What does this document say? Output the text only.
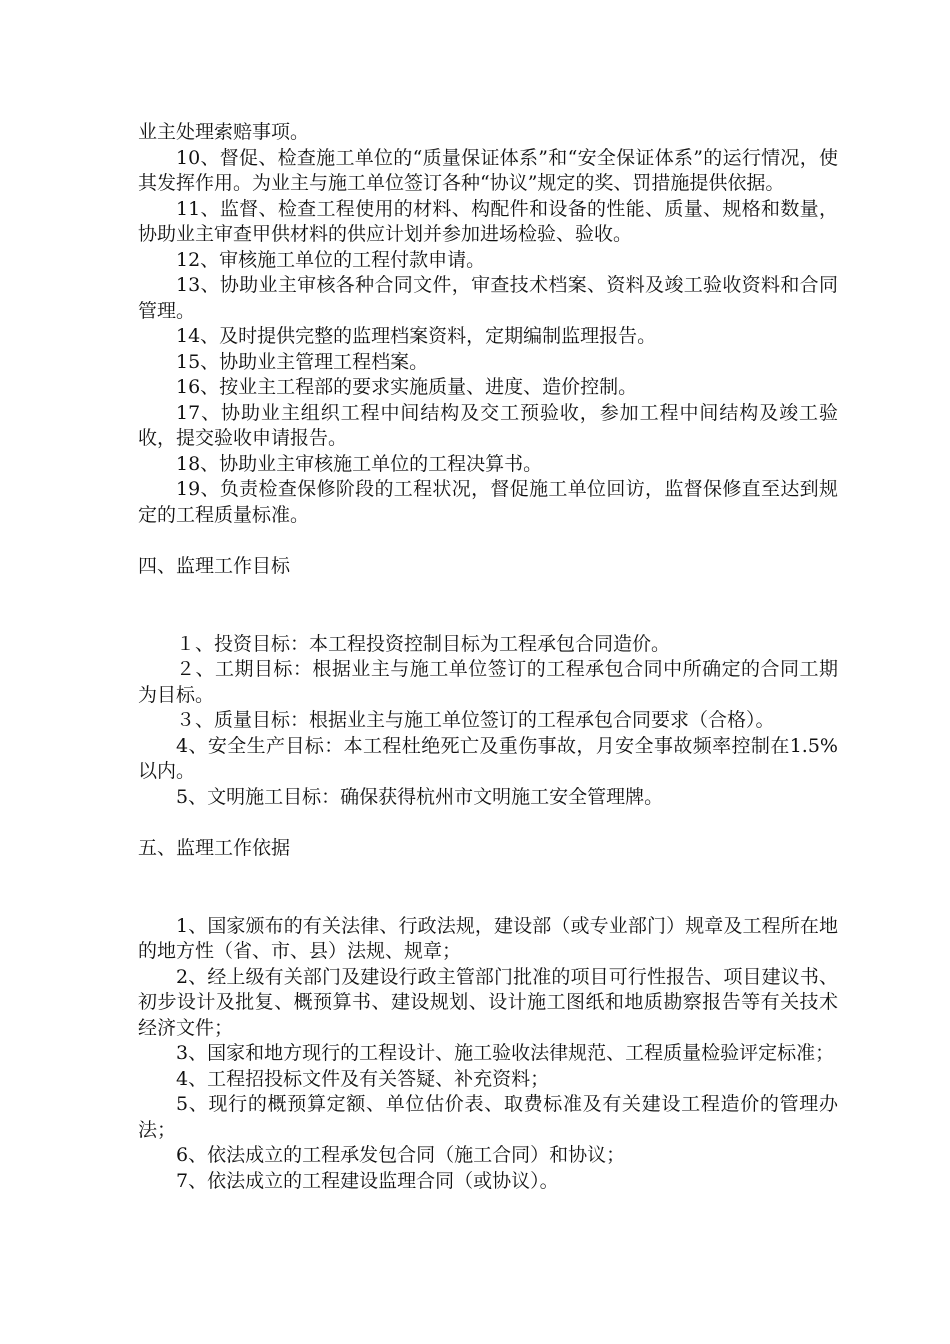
业主处理索赔事项。

10、督促、检查施工单位的“质量保证体系”和“安全保证体系”的运行情况，使其发挥作用。为业主与施工单位签订各种“协议”规定的奖、罚措施提供依据。

11、监督、检查工程使用的材料、构配件和设备的性能、质量、规格和数量，协助业主审查甲供材料的供应计划并参加进场检验、验收。

12、审核施工单位的工程付款申请。

13、协助业主审核各种合同文件，审查技术档案、资料及竣工验收资料和合同管理。

14、及时提供完整的监理档案资料，定期编制监理报告。

15、协助业主管理工程档案。

16、按业主工程部的要求实施质量、进度、造价控制。

17、协助业主组织工程中间结构及交工预验收，参加工程中间结构及竣工验收，提交验收申请报告。

18、协助业主审核施工单位的工程决算书。

19、负责检查保修阶段的工程状况，督促施工单位回访，监督保修直至达到规定的工程质量标准。

四、监理工作目标

１、投资目标：本工程投资控制目标为工程承包合同造价。

２、工期目标：根据业主与施工单位签订的工程承包合同中所确定的合同工期为目标。

３、质量目标：根据业主与施工单位签订的工程承包合同要求（合格）。

4、安全生产目标：本工程杜绝死亡及重伤事故，月安全事故频率控制在1.5%以内。

5、文明施工目标：确保获得杭州市文明施工安全管理牌。

五、监理工作依据

1、国家颁布的有关法律、行政法规，建设部（或专业部门）规章及工程所在地的地方性（省、市、县）法规、规章；

2、经上级有关部门及建设行政主管部门批准的项目可行性报告、项目建议书、初步设计及批复、概预算书、建设规划、设计施工图纸和地质勘察报告等有关技术经济文件；

3、国家和地方现行的工程设计、施工验收法律规范、工程质量检验评定标准；

4、工程招投标文件及有关答疑、补充资料；

5、现行的概预算定额、单位估价表、取费标准及有关建设工程造价的管理办法；

6、依法成立的工程承发包合同（施工合同）和协议；

7、依法成立的工程建设监理合同（或协议）。
